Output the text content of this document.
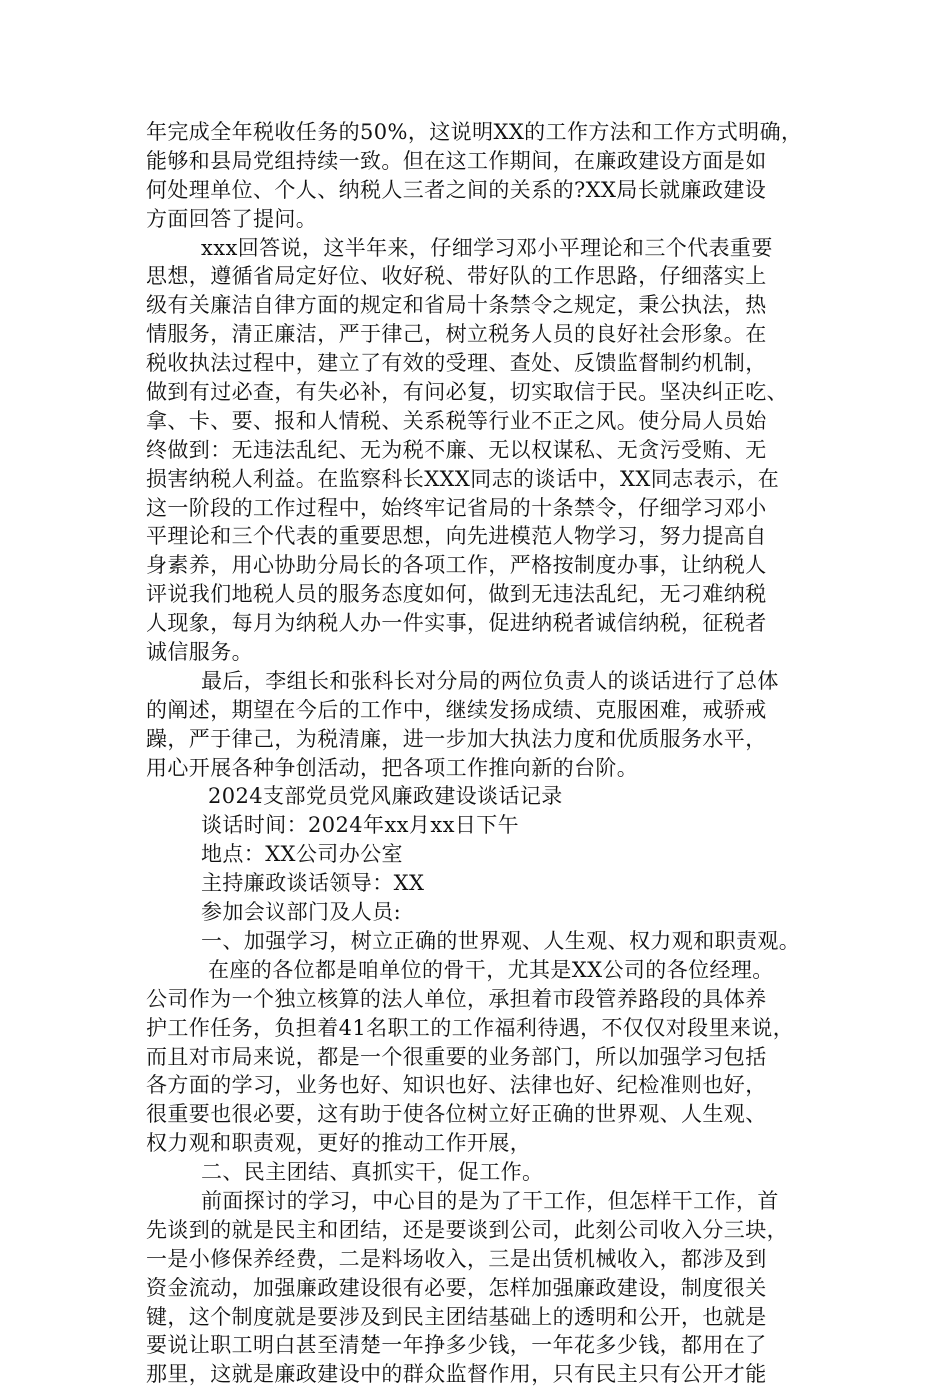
年完成全年税收任务的50%，这说明XX的工作方法和工作方式明确，
能够和县局党组持续一致。但在这工作期间，在廉政建设方面是如
何处理单位、个人、纳税人三者之间的关系的?XX局长就廉政建设
方面回答了提问。
xxx回答说，这半年来，仔细学习邓小平理论和三个代表重要
思想，遵循省局定好位、收好税、带好队的工作思路，仔细落实上
级有关廉洁自律方面的规定和省局十条禁令之规定，秉公执法，热
情服务，清正廉洁，严于律己，树立税务人员的良好社会形象。在
税收执法过程中，建立了有效的受理、查处、反馈监督制约机制，
做到有过必查，有失必补，有问必复，切实取信于民。坚决纠正吃、
拿、卡、要、报和人情税、关系税等行业不正之风。使分局人员始
终做到：无违法乱纪、无为税不廉、无以权谋私、无贪污受贿、无
损害纳税人利益。在监察科长XXX同志的谈话中，XX同志表示，在
这一阶段的工作过程中，始终牢记省局的十条禁令，仔细学习邓小
平理论和三个代表的重要思想，向先进模范人物学习，努力提高自
身素养，用心协助分局长的各项工作，严格按制度办事，让纳税人
评说我们地税人员的服务态度如何，做到无违法乱纪，无刁难纳税
人现象，每月为纳税人办一件实事，促进纳税者诚信纳税，征税者
诚信服务。
最后，李组长和张科长对分局的两位负责人的谈话进行了总体
的阐述，期望在今后的工作中，继续发扬成绩、克服困难，戒骄戒
躁，严于律己，为税清廉，进一步加大执法力度和优质服务水平，
用心开展各种争创活动，把各项工作推向新的台阶。
2024支部党员党风廉政建设谈话记录
谈话时间：2024年xx月xx日下午
地点：XX公司办公室
主持廉政谈话领导：XX
参加会议部门及人员:
一、加强学习，树立正确的世界观、人生观、权力观和职责观。
在座的各位都是咱单位的骨干，尤其是XX公司的各位经理。
公司作为一个独立核算的法人单位，承担着市段管养路段的具体养
护工作任务，负担着41名职工的工作福利待遇，不仅仅对段里来说，
而且对市局来说，都是一个很重要的业务部门，所以加强学习包括
各方面的学习，业务也好、知识也好、法律也好、纪检准则也好，
很重要也很必要，这有助于使各位树立好正确的世界观、人生观、
权力观和职责观，更好的推动工作开展，
二、民主团结、真抓实干，促工作。
前面探讨的学习，中心目的是为了干工作，但怎样干工作，首
先谈到的就是民主和团结，还是要谈到公司，此刻公司收入分三块，
一是小修保养经费，二是料场收入，三是出赁机械收入，都涉及到
资金流动，加强廉政建设很有必要，怎样加强廉政建设，制度很关
键，这个制度就是要涉及到民主团结基础上的透明和公开，也就是
要说让职工明白甚至清楚一年挣多少钱，一年花多少钱，都用在了
那里，这就是廉政建设中的群众监督作用，只有民主只有公开才能
